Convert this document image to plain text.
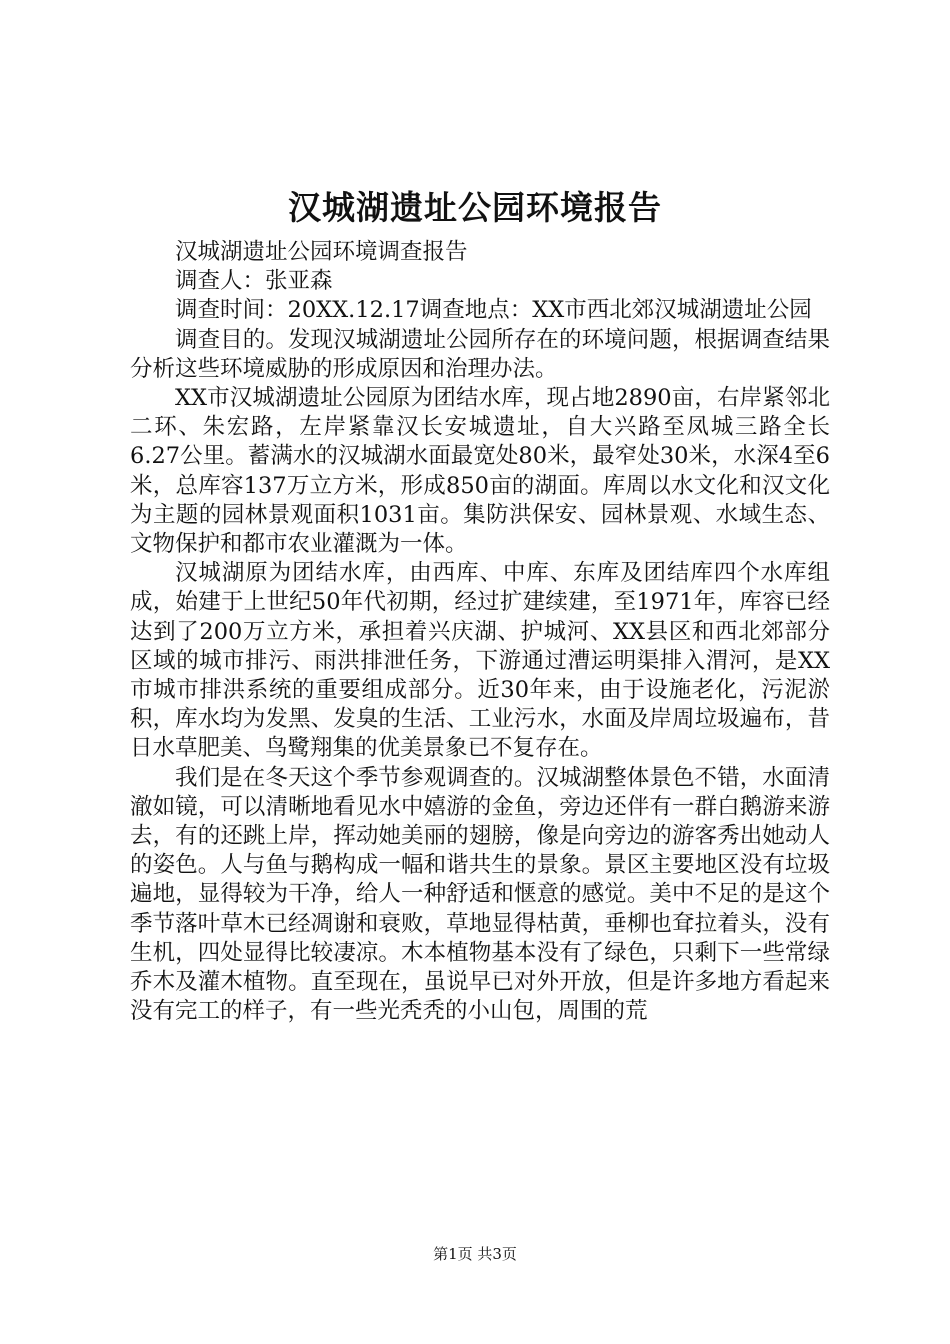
汉城湖遗址公园环境报告

汉城湖遗址公园环境调查报告

调查人：张亚森

调查时间：20XX.12.17调查地点：XX市西北郊汉城湖遗址公园

调查目的。发现汉城湖遗址公园所存在的环境问题，根据调查结果分析这些环境威胁的形成原因和治理办法。

XX市汉城湖遗址公园原为团结水库，现占地2890亩，右岸紧邻北二环、朱宏路，左岸紧靠汉长安城遗址，自大兴路至凤城三路全长6.27公里。蓄满水的汉城湖水面最宽处80米，最窄处30米，水深4至6米，总库容137万立方米，形成850亩的湖面。库周以水文化和汉文化为主题的园林景观面积1031亩。集防洪保安、园林景观、水域生态、文物保护和都市农业灌溉为一体。

汉城湖原为团结水库，由西库、中库、东库及团结库四个水库组成，始建于上世纪50年代初期，经过扩建续建，至1971年，库容已经达到了200万立方米，承担着兴庆湖、护城河、XX县区和西北郊部分区域的城市排污、雨洪排泄任务，下游通过漕运明渠排入渭河，是XX市城市排洪系统的重要组成部分。近30年来，由于设施老化，污泥淤积，库水均为发黑、发臭的生活、工业污水，水面及岸周垃圾遍布，昔日水草肥美、鸟鹭翔集的优美景象已不复存在。

我们是在冬天这个季节参观调查的。汉城湖整体景色不错，水面清澈如镜，可以清晰地看见水中嬉游的金鱼，旁边还伴有一群白鹅游来游去，有的还跳上岸，挥动她美丽的翅膀，像是向旁边的游客秀出她动人的姿色。人与鱼与鹅构成一幅和谐共生的景象。景区主要地区没有垃圾遍地，显得较为干净，给人一种舒适和惬意的感觉。美中不足的是这个季节落叶草木已经凋谢和衰败，草地显得枯黄，垂柳也耷拉着头，没有生机，四处显得比较凄凉。木本植物基本没有了绿色，只剩下一些常绿乔木及灌木植物。直至现在，虽说早已对外开放，但是许多地方看起来没有完工的样子，有一些光秃秃的小山包，周围的荒

第1页 共3页
